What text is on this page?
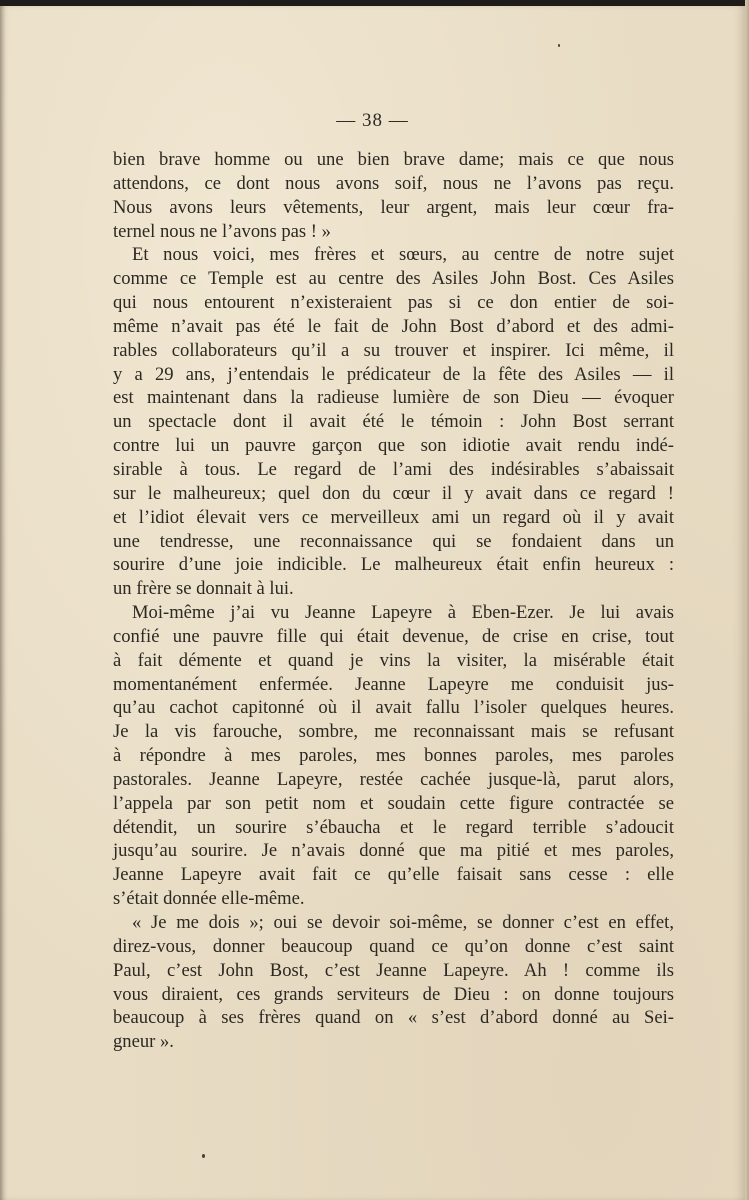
— 38 —
bien brave homme ou une bien brave dame; mais ce que nous
attendons, ce dont nous avons soif, nous ne l’avons pas reçu.
Nous avons leurs vêtements, leur argent, mais leur cœur fra-
ternel nous ne l’avons pas ! »
Et nous voici, mes frères et sœurs, au centre de notre sujet
comme ce Temple est au centre des Asiles John Bost. Ces Asiles
qui nous entourent n’existeraient pas si ce don entier de soi-
même n’avait pas été le fait de John Bost d’abord et des admi-
rables collaborateurs qu’il a su trouver et inspirer. Ici même, il
y a 29 ans, j’entendais le prédicateur de la fête des Asiles — il
est maintenant dans la radieuse lumière de son Dieu — évoquer
un spectacle dont il avait été le témoin : John Bost serrant
contre lui un pauvre garçon que son idiotie avait rendu indé-
sirable à tous. Le regard de l’ami des indésirables s’abaissait
sur le malheureux; quel don du cœur il y avait dans ce regard !
et l’idiot élevait vers ce merveilleux ami un regard où il y avait
une tendresse, une reconnaissance qui se fondaient dans un
sourire d’une joie indicible. Le malheureux était enfin heureux :
un frère se donnait à lui.
Moi-même j’ai vu Jeanne Lapeyre à Eben-Ezer. Je lui avais
confié une pauvre fille qui était devenue, de crise en crise, tout
à fait démente et quand je vins la visiter, la misérable était
momentanément enfermée. Jeanne Lapeyre me conduisit jus-
qu’au cachot capitonné où il avait fallu l’isoler quelques heures.
Je la vis farouche, sombre, me reconnaissant mais se refusant
à répondre à mes paroles, mes bonnes paroles, mes paroles
pastorales. Jeanne Lapeyre, restée cachée jusque-là, parut alors,
l’appela par son petit nom et soudain cette figure contractée se
détendit, un sourire s’ébaucha et le regard terrible s’adoucit
jusqu’au sourire. Je n’avais donné que ma pitié et mes paroles,
Jeanne Lapeyre avait fait ce qu’elle faisait sans cesse : elle
s’était donnée elle-même.
« Je me dois »; oui se devoir soi-même, se donner c’est en effet,
direz-vous, donner beaucoup quand ce qu’on donne c’est saint
Paul, c’est John Bost, c’est Jeanne Lapeyre. Ah ! comme ils
vous diraient, ces grands serviteurs de Dieu : on donne toujours
beaucoup à ses frères quand on « s’est d’abord donné au Sei-
gneur ».
